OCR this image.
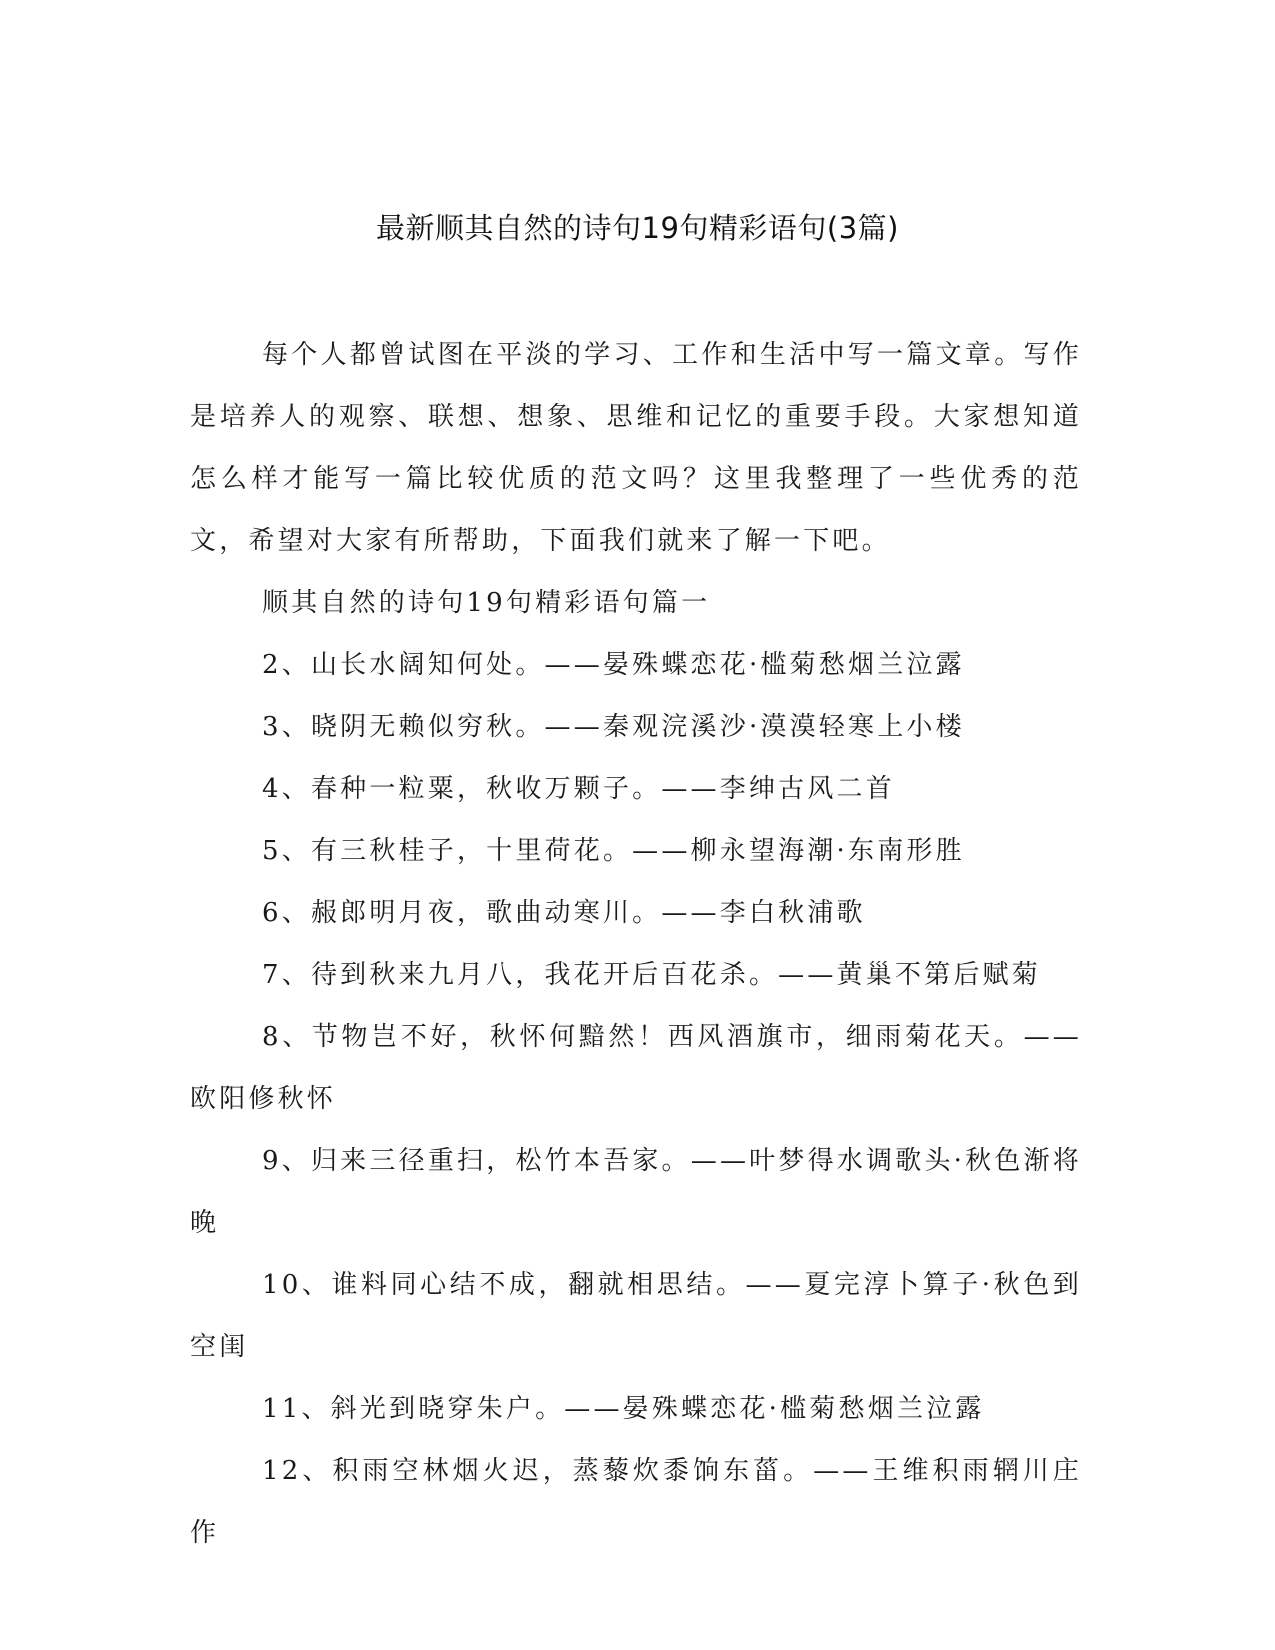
最新顺其自然的诗句19句精彩语句(3篇)

每个人都曾试图在平淡的学习、工作和生活中写一篇文章。写作是培养人的观察、联想、想象、思维和记忆的重要手段。大家想知道怎么样才能写一篇比较优质的范文吗？这里我整理了一些优秀的范文，希望对大家有所帮助，下面我们就来了解一下吧。

顺其自然的诗句19句精彩语句篇一

2、山长水阔知何处。——晏殊蝶恋花·槛菊愁烟兰泣露

3、晓阴无赖似穷秋。——秦观浣溪沙·漠漠轻寒上小楼

4、春种一粒粟，秋收万颗子。——李绅古风二首

5、有三秋桂子，十里荷花。——柳永望海潮·东南形胜

6、赧郎明月夜，歌曲动寒川。——李白秋浦歌

7、待到秋来九月八，我花开后百花杀。——黄巢不第后赋菊

8、节物岂不好，秋怀何黯然！西风酒旗市，细雨菊花天。——欧阳修秋怀

9、归来三径重扫，松竹本吾家。——叶梦得水调歌头·秋色渐将晚

10、谁料同心结不成，翻就相思结。——夏完淳卜算子·秋色到空闺

11、斜光到晓穿朱户。——晏殊蝶恋花·槛菊愁烟兰泣露

12、积雨空林烟火迟，蒸藜炊黍饷东菑。——王维积雨辋川庄作
